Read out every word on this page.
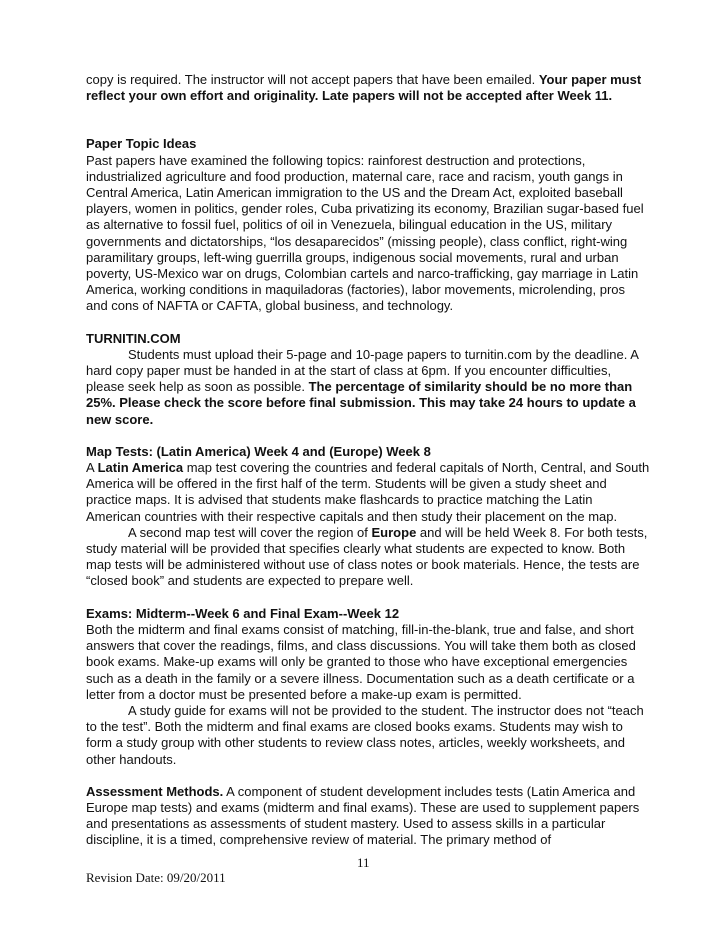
copy is required. The instructor will not accept papers that have been emailed. Your paper must reflect your own effort and originality. Late papers will not be accepted after Week 11.

Paper Topic Ideas

Past papers have examined the following topics: rainforest destruction and protections, industrialized agriculture and food production, maternal care, race and racism, youth gangs in Central America, Latin American immigration to the US and the Dream Act, exploited baseball players, women in politics, gender roles, Cuba privatizing its economy, Brazilian sugar-based fuel as alternative to fossil fuel, politics of oil in Venezuela, bilingual education in the US, military governments and dictatorships, “los desaparecidos” (missing people), class conflict, right-wing paramilitary groups, left-wing guerrilla groups, indigenous social movements, rural and urban poverty, US-Mexico war on drugs, Colombian cartels and narco-trafficking, gay marriage in Latin America, working conditions in maquiladoras (factories), labor movements, microlending, pros and cons of NAFTA or CAFTA, global business, and technology.

TURNITIN.COM

Students must upload their 5-page and 10-page papers to turnitin.com by the deadline. A hard copy paper must be handed in at the start of class at 6pm. If you encounter difficulties, please seek help as soon as possible. The percentage of similarity should be no more than 25%. Please check the score before final submission. This may take 24 hours to update a new score.

Map Tests: (Latin America) Week 4 and (Europe) Week 8

A Latin America map test covering the countries and federal capitals of North, Central, and South America will be offered in the first half of the term. Students will be given a study sheet and practice maps. It is advised that students make flashcards to practice matching the Latin American countries with their respective capitals and then study their placement on the map.

A second map test will cover the region of Europe and will be held Week 8. For both tests, study material will be provided that specifies clearly what students are expected to know. Both map tests will be administered without use of class notes or book materials. Hence, the tests are “closed book” and students are expected to prepare well.

Exams: Midterm--Week 6 and Final Exam--Week 12

Both the midterm and final exams consist of matching, fill-in-the-blank, true and false, and short answers that cover the readings, films, and class discussions. You will take them both as closed book exams. Make-up exams will only be granted to those who have exceptional emergencies such as a death in the family or a severe illness. Documentation such as a death certificate or a letter from a doctor must be presented before a make-up exam is permitted.

A study guide for exams will not be provided to the student. The instructor does not “teach to the test”. Both the midterm and final exams are closed books exams. Students may wish to form a study group with other students to review class notes, articles, weekly worksheets, and other handouts.

Assessment Methods. A component of student development includes tests (Latin America and Europe map tests) and exams (midterm and final exams). These are used to supplement papers and presentations as assessments of student mastery. Used to assess skills in a particular discipline, it is a timed, comprehensive review of material. The primary method of

11
Revision Date: 09/20/2011
